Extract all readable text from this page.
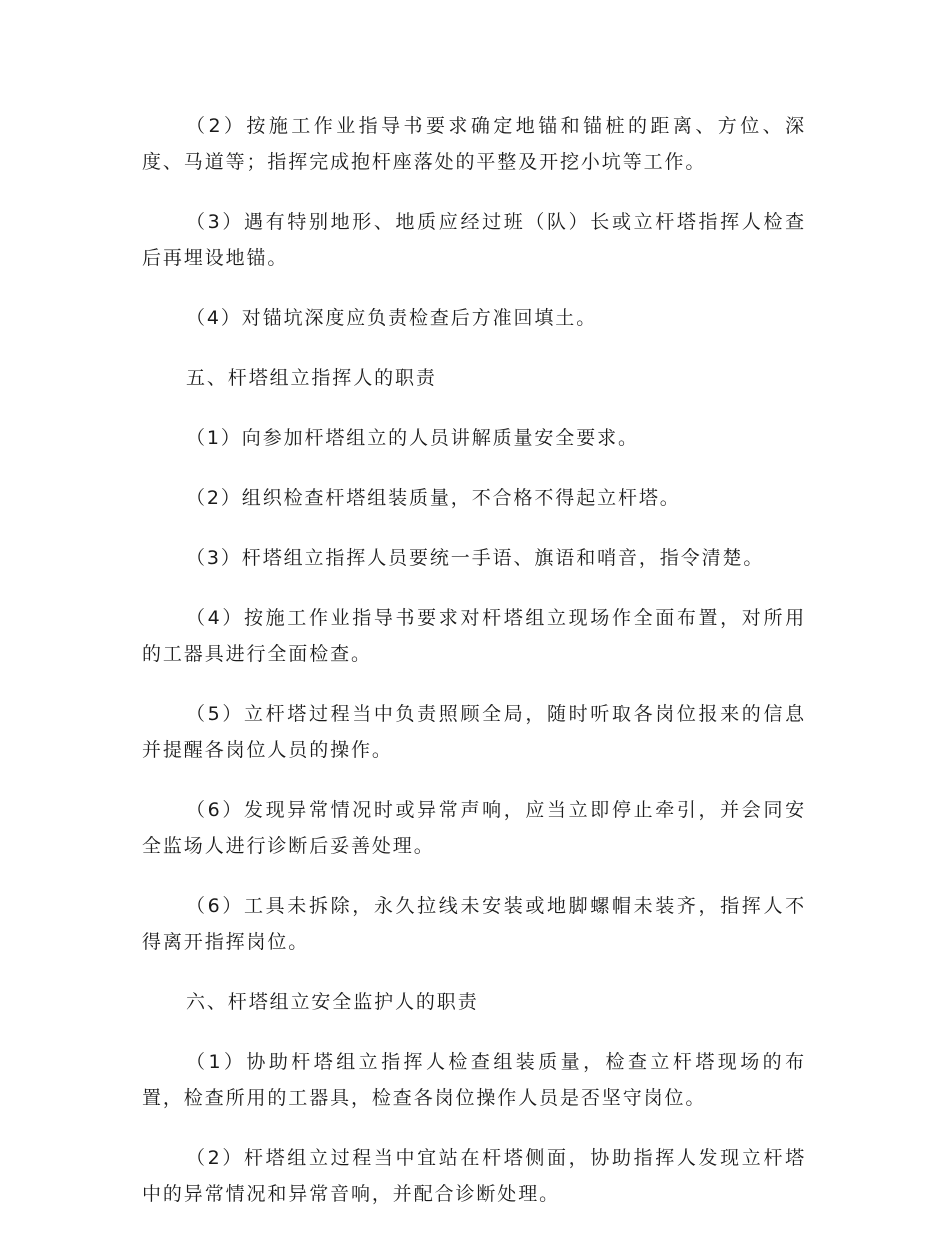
（2）按施工作业指导书要求确定地锚和锚桩的距离、方位、深度、马道等；指挥完成抱杆座落处的平整及开挖小坑等工作。

（3）遇有特别地形、地质应经过班（队）长或立杆塔指挥人检查后再埋设地锚。

（4）对锚坑深度应负责检查后方准回填土。

五、杆塔组立指挥人的职责

（1）向参加杆塔组立的人员讲解质量安全要求。

（2）组织检查杆塔组装质量，不合格不得起立杆塔。

（3）杆塔组立指挥人员要统一手语、旗语和哨音，指令清楚。

（4）按施工作业指导书要求对杆塔组立现场作全面布置，对所用的工器具进行全面检查。

（5）立杆塔过程当中负责照顾全局，随时听取各岗位报来的信息并提醒各岗位人员的操作。

（6）发现异常情况时或异常声响，应当立即停止牵引，并会同安全监场人进行诊断后妥善处理。

（6）工具未拆除，永久拉线未安装或地脚螺帽未装齐，指挥人不得离开指挥岗位。

六、杆塔组立安全监护人的职责

（1）协助杆塔组立指挥人检查组装质量，检查立杆塔现场的布置，检查所用的工器具，检查各岗位操作人员是否坚守岗位。

（2）杆塔组立过程当中宜站在杆塔侧面，协助指挥人发现立杆塔中的异常情况和异常音响，并配合诊断处理。
